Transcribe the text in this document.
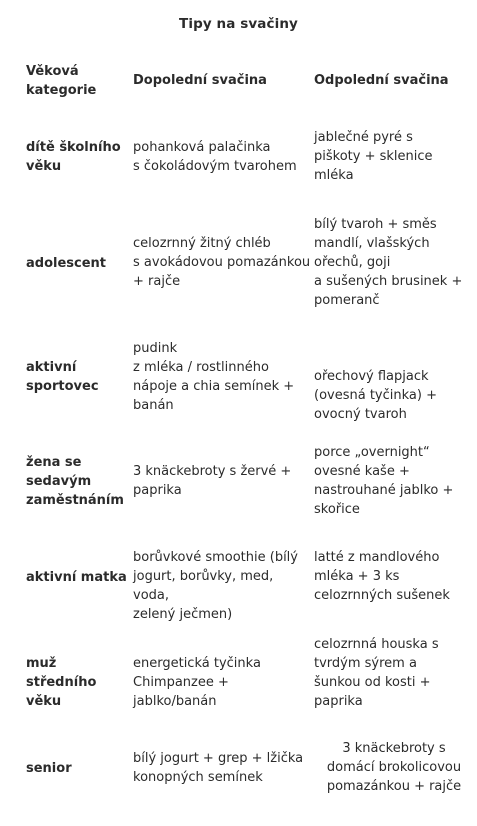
Tipy na svačiny
Věková
kategorie
Dopolední svačina	Odpolední svačina
dítě školního
věku
pohanková palačinka
s čokoládovým tvarohem
jablečné pyré s
piškoty + sklenice
mléka
adolescent
celozrnný žitný chléb
s avokádovou pomazánkou
+ rajče
bílý tvaroh + směs
mandlí, vlašských
ořechů, goji
a sušených brusinek +
pomeranč
aktivní
sportovec
pudink
z mléka / rostlinného
nápoje a chia semínek +
banán
ořechový flapjack
(ovesná tyčinka) +
ovocný tvaroh
žena se
sedavým
zaměstnáním
3 knäckebroty s žervé +
paprika
porce „overnight“
ovesné kaše +
nastrouhané jablko +
skořice
aktivní matka
borůvkové smoothie (bílý
jogurt, borůvky, med, voda,
zelený ječmen)
latté z mandlového
mléka + 3 ks
celozrnných sušenek
muž středního
věku
energetická tyčinka
Chimpanzee + jablko/banán
celozrnná houska s
tvrdým sýrem a
šunkou od kosti +
paprika
senior
bílý jogurt + grep + lžička
konopných semínek
3 knäckebroty s
domácí brokolicovou
pomazánkou + rajče
